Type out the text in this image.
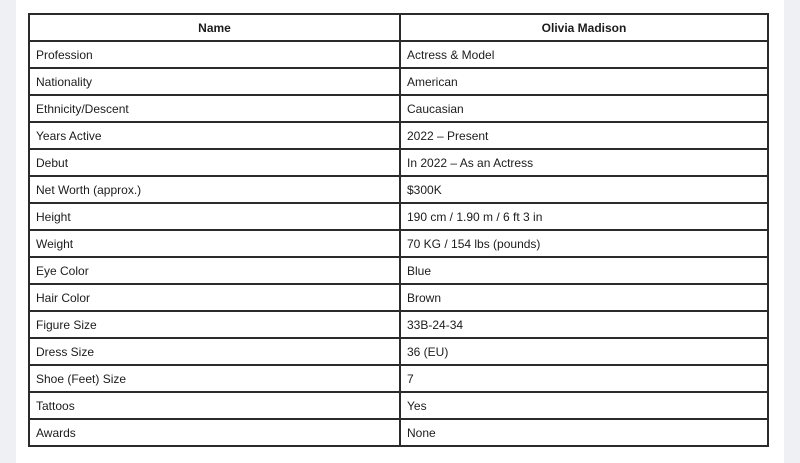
Name	Olivia Madison
Profession	Actress & Model
Nationality	American
Ethnicity/Descent	Caucasian
Years Active	2022 – Present
Debut	In 2022 – As an Actress
Net Worth (approx.)	$300K
Height	190 cm / 1.90 m / 6 ft 3 in
Weight	70 KG / 154 lbs (pounds)
Eye Color	Blue
Hair Color	Brown
Figure Size	33B-24-34
Dress Size	36 (EU)
Shoe (Feet) Size	7
Tattoos	Yes
Awards	None
